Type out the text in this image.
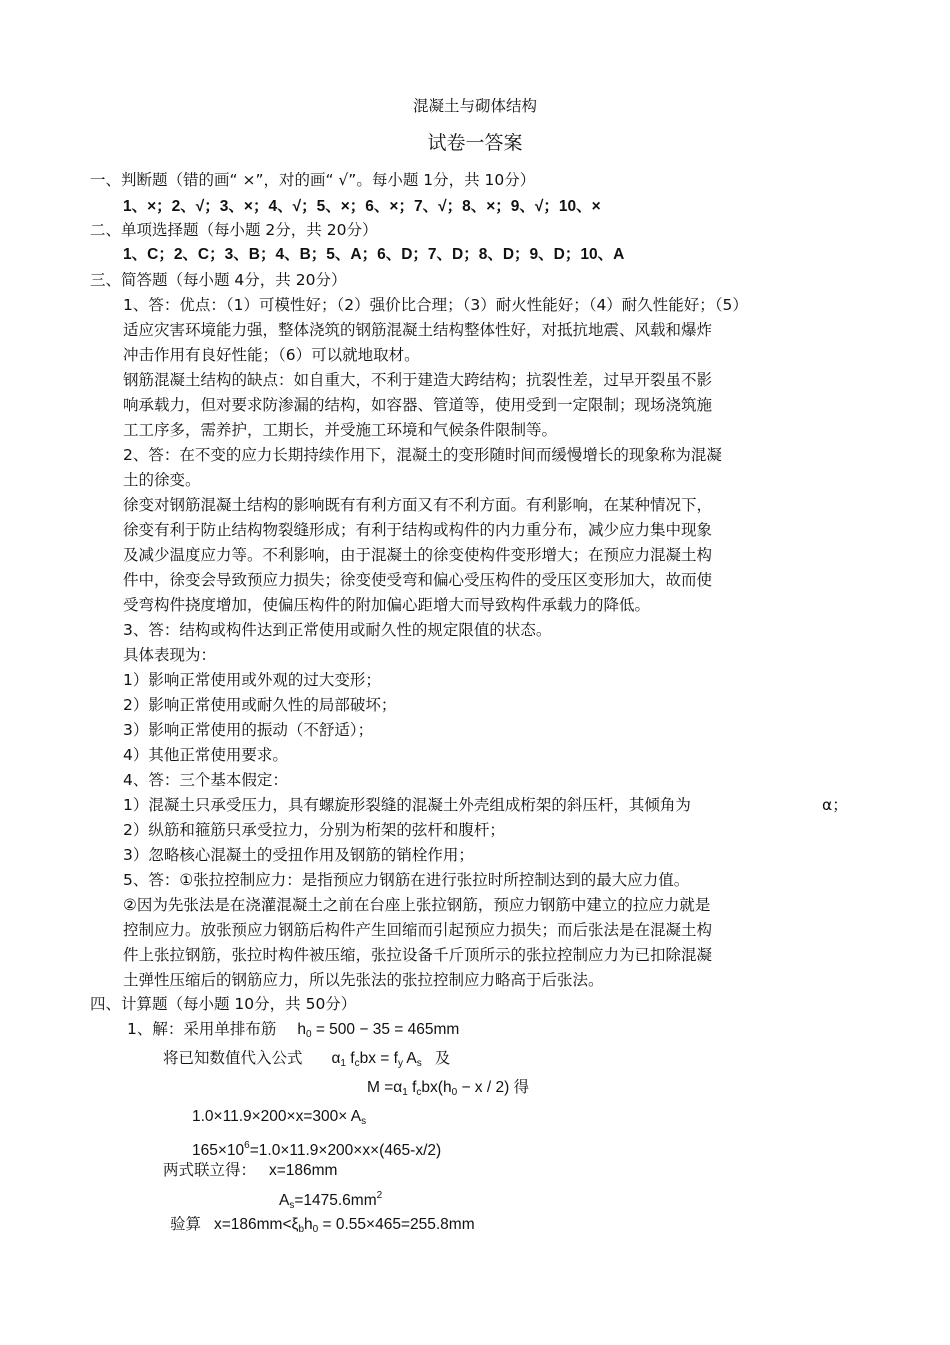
混凝土与砌体结构
试卷一答案
一、判断题（错的画“ ×”，对的画“ √”。每小题 1分，共 10分）
1、×；2、√；3、×；4、√；5、×；6、×；7、√；8、×；9、√；10、×
二、单项选择题（每小题 2分，共 20分）
1、C；2、C；3、B；4、B；5、A；6、D；7、D；8、D；9、D；10、A
三、简答题（每小题 4分，共 20分）
1、答：优点：（1）可模性好；（2）强价比合理；（3）耐火性能好；（4）耐久性能好；（5）
适应灾害环境能力强，整体浇筑的钢筋混凝土结构整体性好，对抵抗地震、风载和爆炸
冲击作用有良好性能；（6）可以就地取材。
钢筋混凝土结构的缺点：如自重大，不利于建造大跨结构；抗裂性差，过早开裂虽不影
响承载力，但对要求防渗漏的结构，如容器、管道等，使用受到一定限制；现场浇筑施
工工序多，需养护，工期长，并受施工环境和气候条件限制等。
2、答：在不变的应力长期持续作用下，混凝土的变形随时间而缓慢增长的现象称为混凝
土的徐变。
徐变对钢筋混凝土结构的影响既有有利方面又有不利方面。有利影响，在某种情况下，
徐变有利于防止结构物裂缝形成；有利于结构或构件的内力重分布，减少应力集中现象
及减少温度应力等。不利影响，由于混凝土的徐变使构件变形增大；在预应力混凝土构
件中，徐变会导致预应力损失；徐变使受弯和偏心受压构件的受压区变形加大，故而使
受弯构件挠度增加，使偏压构件的附加偏心距增大而导致构件承载力的降低。
3、答：结构或构件达到正常使用或耐久性的规定限值的状态。
具体表现为：
1）影响正常使用或外观的过大变形；
2）影响正常使用或耐久性的局部破坏；
3）影响正常使用的振动（不舒适）；
4）其他正常使用要求。
4、答：三个基本假定：
1）混凝土只承受压力，具有螺旋形裂缝的混凝土外壳组成桁架的斜压杆，其倾角为	α；
2）纵筋和箍筋只承受拉力，分别为桁架的弦杆和腹杆；
3）忽略核心混凝土的受扭作用及钢筋的销栓作用；
5、答：①张拉控制应力：是指预应力钢筋在进行张拉时所控制达到的最大应力值。
②因为先张法是在浇灌混凝土之前在台座上张拉钢筋，预应力钢筋中建立的拉应力就是
控制应力。放张预应力钢筋后构件产生回缩而引起预应力损失；而后张法是在混凝土构
件上张拉钢筋，张拉时构件被压缩，张拉设备千斤顶所示的张拉控制应力为已扣除混凝
土弹性压缩后的钢筋应力，所以先张法的张拉控制应力略高于后张法。
四、计算题（每小题 10分，共 50分）
1、解：采用单排布筋 $h_0 = 500 - 35 = 465mm$
将已知数值代入公式 $\alpha_1$ $f_cbx = f_y$ $A_s$ 及
$M =\alpha_1$ $f_cbx(h_0 - x / 2)$ 得
$1.0\times 11.9\times 200\times x=300\times A_s$
$165\times 10^6=1.0\times 11.9\times 200\times x\times(465-x/2)$
两式联立得： x=186mm
$A_s=1475.6mm^2$
验算 $x=186mm<\xi_bh_0 = 0.55\times 465=255.8mm$
